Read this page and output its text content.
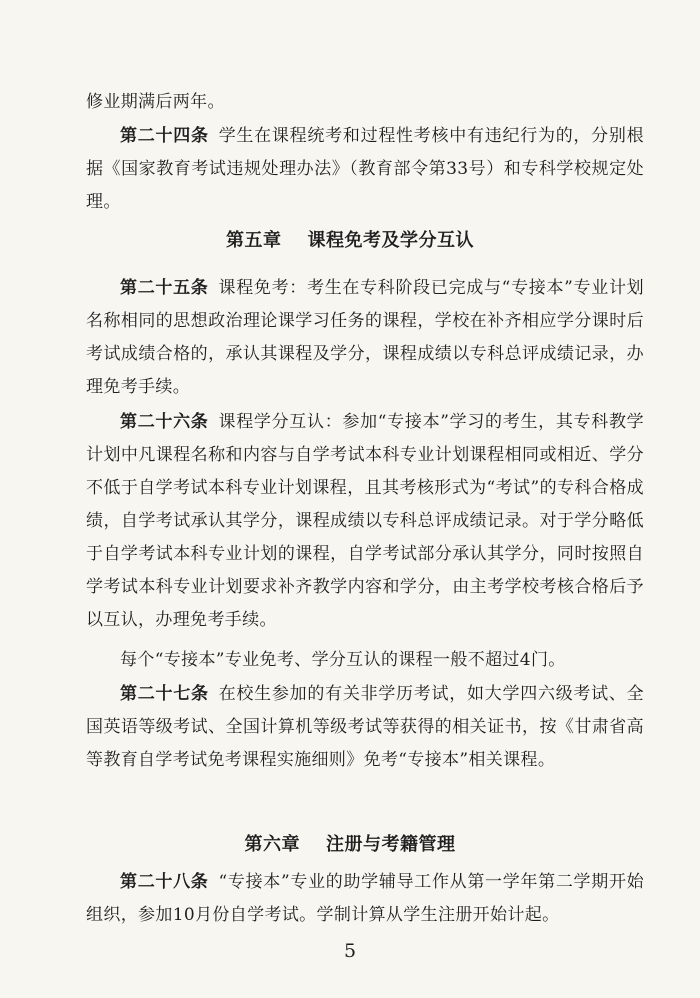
修业期满后两年。

第二十四条 学生在课程统考和过程性考核中有违纪行为的，分别根据《国家教育考试违规处理办法》（教育部令第33号）和专科学校规定处理。

第五章 课程免考及学分互认

第二十五条 课程免考：考生在专科阶段已完成与“专接本”专业计划名称相同的思想政治理论课学习任务的课程，学校在补齐相应学分课时后考试成绩合格的，承认其课程及学分，课程成绩以专科总评成绩记录，办理免考手续。

第二十六条 课程学分互认：参加“专接本”学习的考生，其专科教学计划中凡课程名称和内容与自学考试本科专业计划课程相同或相近、学分不低于自学考试本科专业计划课程，且其考核形式为“考试”的专科合格成绩，自学考试承认其学分，课程成绩以专科总评成绩记录。对于学分略低于自学考试本科专业计划的课程，自学考试部分承认其学分，同时按照自学考试本科专业计划要求补齐教学内容和学分，由主考学校考核合格后予以互认，办理免考手续。

每个“专接本”专业免考、学分互认的课程一般不超过4门。

第二十七条 在校生参加的有关非学历考试，如大学四六级考试、全国英语等级考试、全国计算机等级考试等获得的相关证书，按《甘肃省高等教育自学考试免考课程实施细则》免考“专接本”相关课程。

第六章 注册与考籍管理

第二十八条 “专接本”专业的助学辅导工作从第一学年第二学期开始组织，参加10月份自学考试。学制计算从学生注册开始计起。

5
